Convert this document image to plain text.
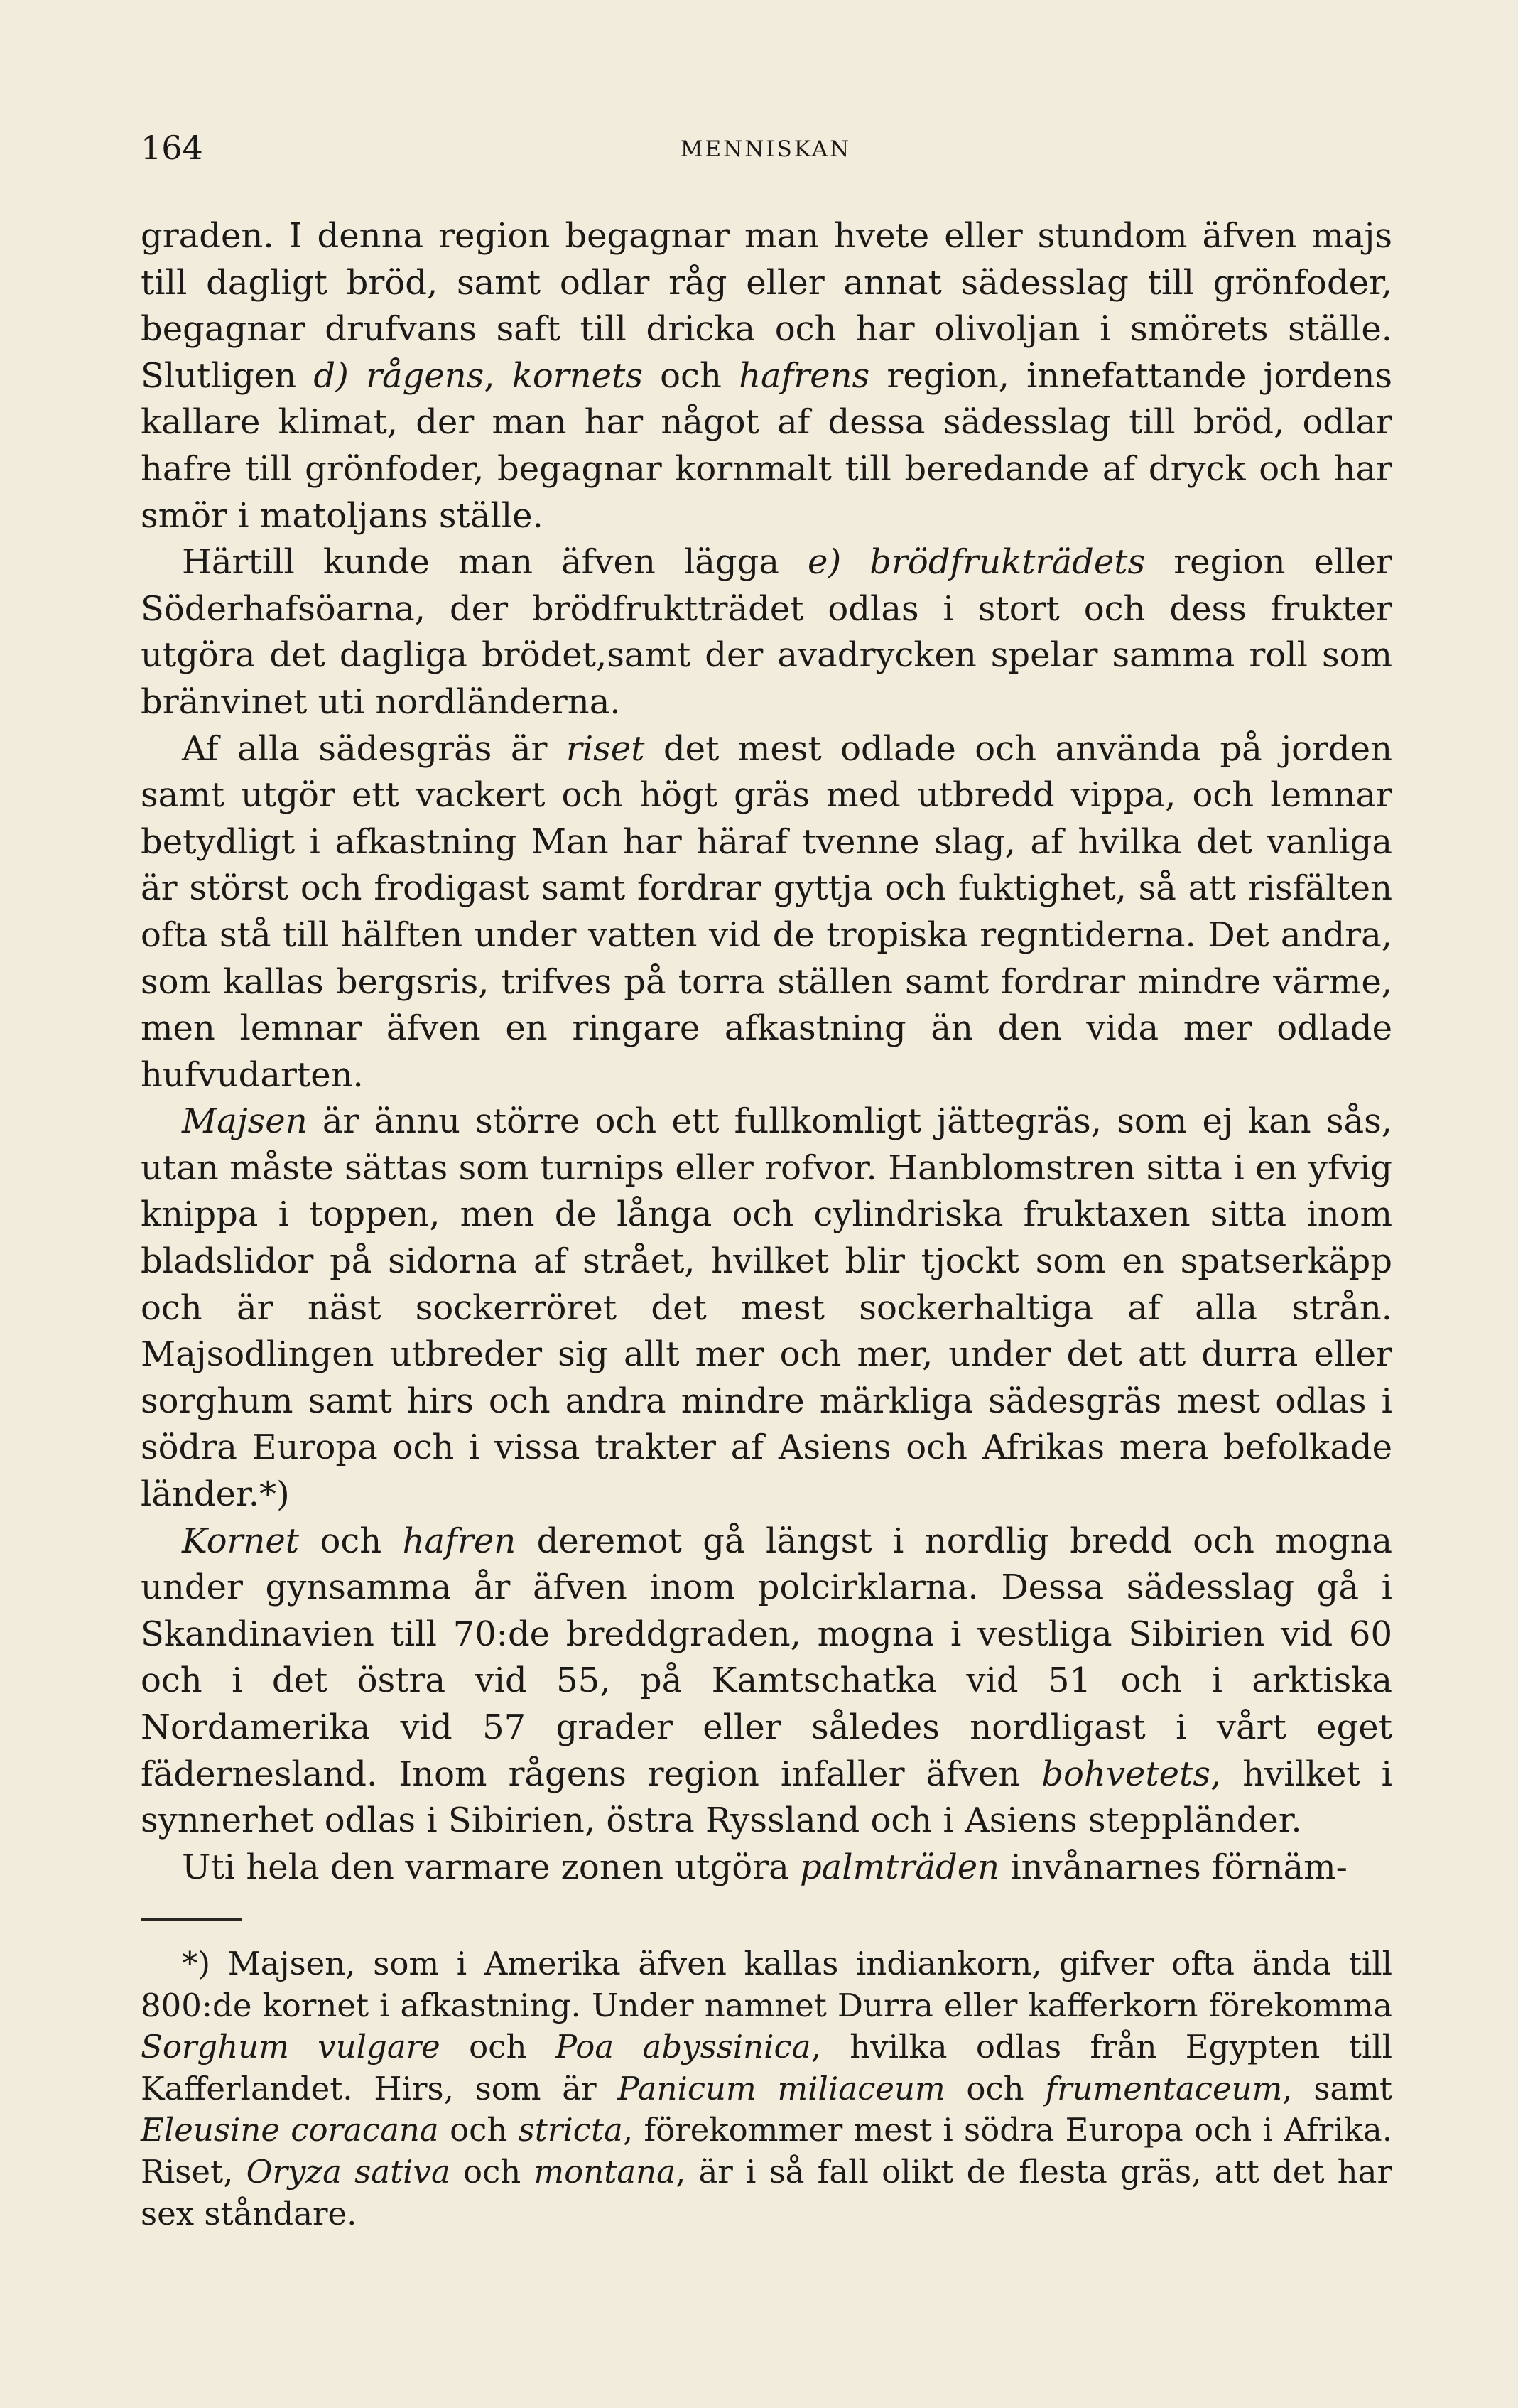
164	MENNISKAN

graden. I denna region begagnar man hvete eller stundom äfven majs till dagligt bröd, samt odlar råg eller annat sädesslag till grönfoder, begagnar drufvans saft till dricka och har olivoljan i smörets ställe. Slutligen d) rågens, kornets och hafrens region, innefattande jordens kallare klimat, der man har något af dessa sädesslag till bröd, odlar hafre till grönfoder, begagnar kornmalt till beredande af dryck och har smör i matoljans ställe.

Härtill kunde man äfven lägga e) brödfrukträdets region eller Söderhafsöarna, der brödfruktträdet odlas i stort och dess frukter utgöra det dagliga brödet,samt der avadrycken spelar samma roll som bränvinet uti nordländerna.

Af alla sädesgräs är riset det mest odlade och använda på jorden samt utgör ett vackert och högt gräs med utbredd vippa, och lemnar betydligt i afkastning Man har häraf tvenne slag, af hvilka det vanliga är störst och frodigast samt fordrar gyttja och fuktighet, så att risfälten ofta stå till hälften under vatten vid de tropiska regntiderna. Det andra, som kallas bergsris, trifves på torra ställen samt fordrar mindre värme, men lemnar äfven en ringare afkastning än den vida mer odlade hufvudarten.

Majsen är ännu större och ett fullkomligt jättegräs, som ej kan sås, utan måste sättas som turnips eller rofvor. Hanblomstren sitta i en yfvig knippa i toppen, men de långa och cylindriska fruktaxen sitta inom bladslidor på sidorna af strået, hvilket blir tjockt som en spatserkäpp och är näst sockerröret det mest sockerhaltiga af alla strån. Majsodlingen utbreder sig allt mer och mer, under det att durra eller sorghum samt hirs och andra mindre märkliga sädesgräs mest odlas i södra Europa och i vissa trakter af Asiens och Afrikas mera befolkade länder.*)

Kornet och hafren deremot gå längst i nordlig bredd och mogna under gynsamma år äfven inom polcirklarna. Dessa sädesslag gå i Skandinavien till 70:de breddgraden, mogna i vestliga Sibirien vid 60 och i det östra vid 55, på Kamtschatka vid 51 och i arktiska Nordamerika vid 57 grader eller således nordligast i vårt eget fädernesland. Inom rågens region infaller äfven bohvetets, hvilket i synnerhet odlas i Sibirien, östra Ryssland och i Asiens steppländer.

Uti hela den varmare zonen utgöra palmträden invånarnes förnäm-

*) Majsen, som i Amerika äfven kallas indiankorn, gifver ofta ända till 800:de kornet i afkastning. Under namnet Durra eller kafferkorn förekomma Sorghum vulgare och Poa abyssinica, hvilka odlas från Egypten till Kafferlandet. Hirs, som är Panicum miliaceum och frumentaceum, samt Eleusine coracana och stricta, förekommer mest i södra Europa och i Afrika. Riset, Oryza sativa och montana, är i så fall olikt de flesta gräs, att det har sex ståndare.
